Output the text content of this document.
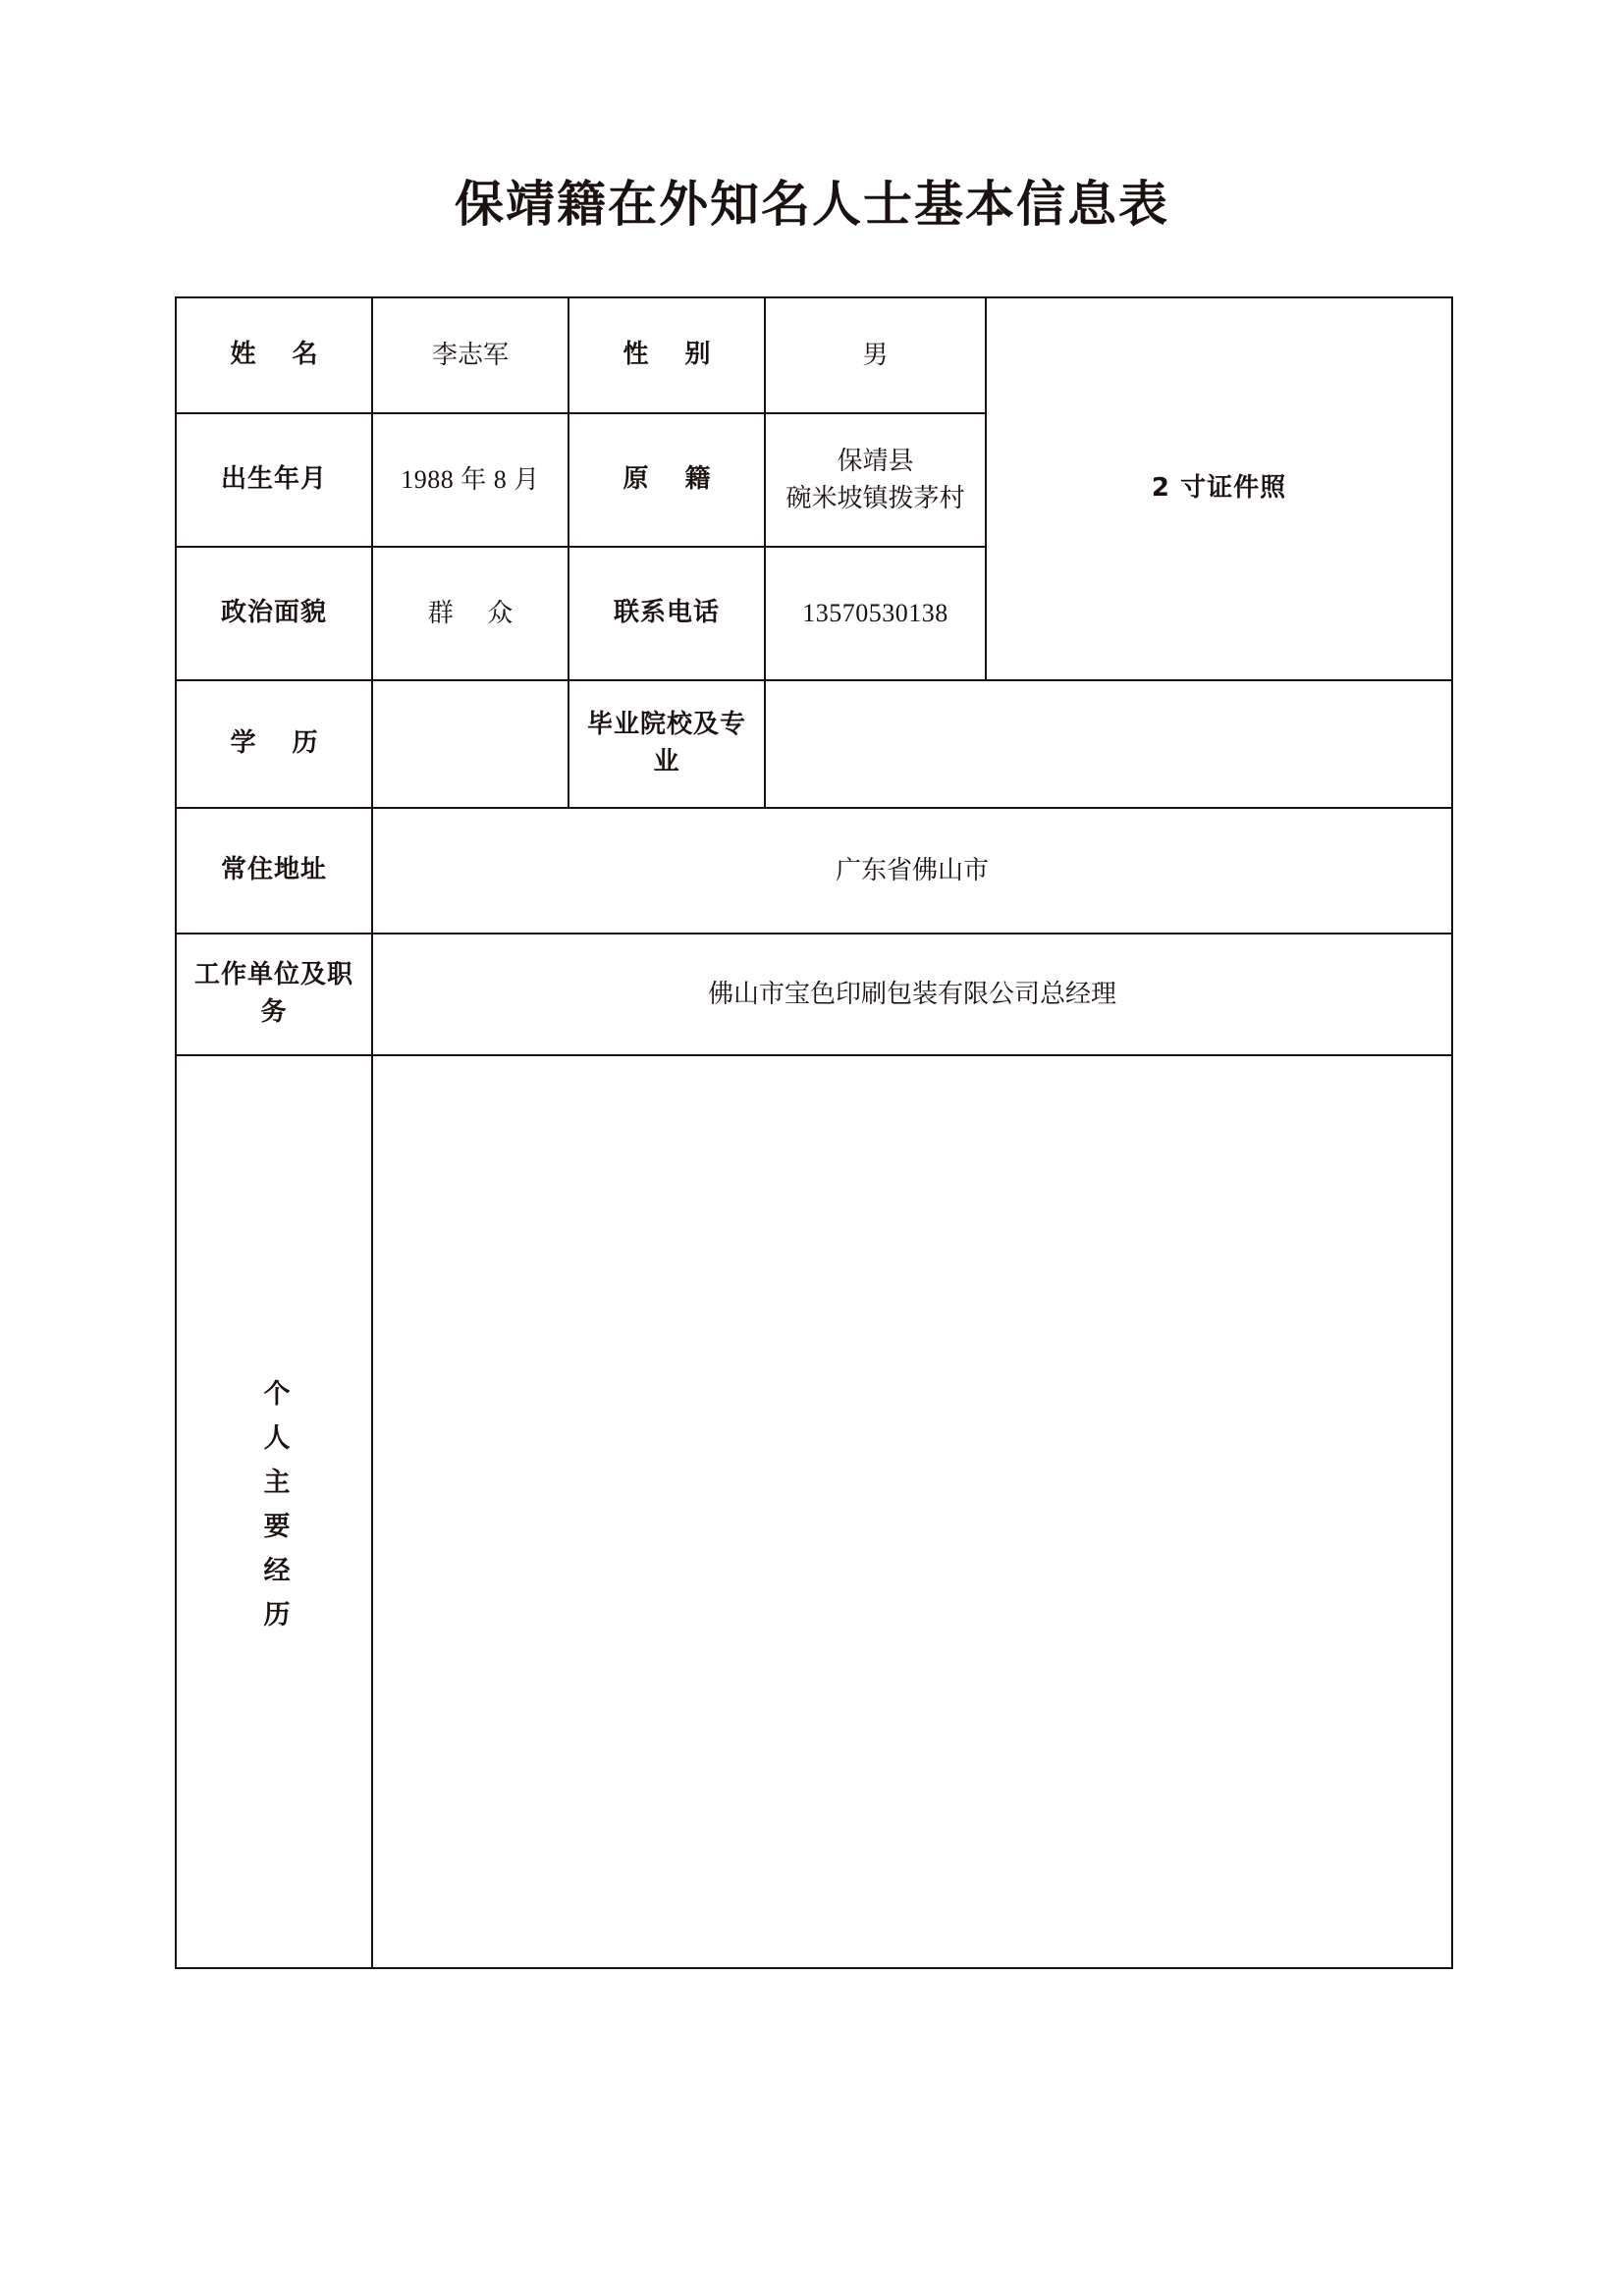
保靖籍在外知名人士基本信息表
姓 名	李志军	性 别	男	2 寸证件照
出生年月	1988 年 8 月	原 籍	保靖县
碗米坡镇拨茅村	

政治面貌	群 众	联系电话	13570530138	
学 历		毕业院校及专业		
常住地址	广东省佛山市			
工作单位及职务	佛山市宝色印刷包装有限公司总经理			

个人主要经历				
